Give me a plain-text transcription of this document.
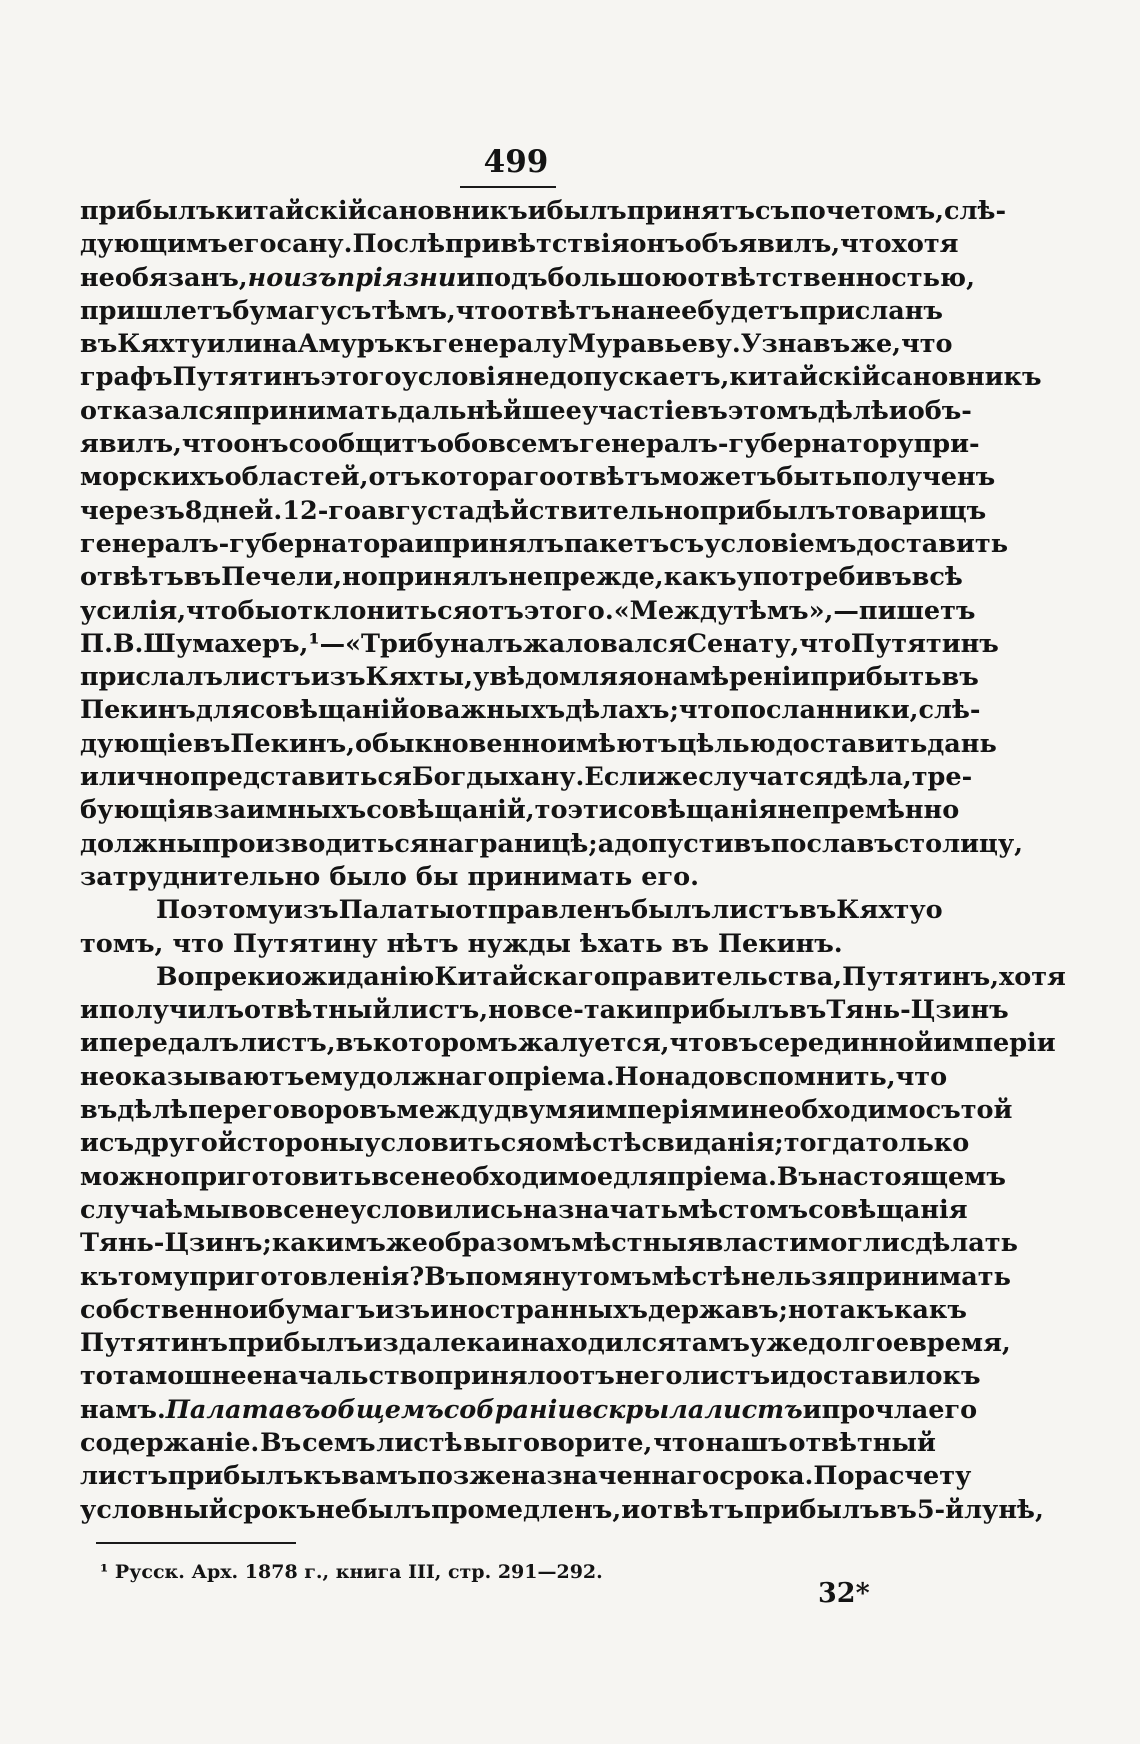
499
прибылъ китайскій сановникъ и былъ принятъ съ почетомъ, слѣ-
дующимъ его сану. Послѣ привѣтствія онъ объявилъ, что хотя
не обязанъ, но изъ пріязни и подъ большою отвѣтственностью,
пришлетъ бумагу съ тѣмъ, что отвѣтъ на нее будетъ присланъ
въ Кяхту или на Амуръ къ генералу Муравьеву. Узнавъ же, что
графъ Путятинъ этого условія не допускаетъ, китайскій сановникъ
отказался принимать дальнѣйшее участіе въ этомъ дѣлѣ и объ-
явилъ, что онъ сообщитъ обо всемъ генералъ-губернатору при-
морскихъ областей, отъ котораго отвѣтъ можетъ быть полученъ
черезъ 8 дней. 12-го августа дѣйствительно прибылъ товарищъ
генералъ-губернатора и принялъ пакетъ съ условіемъ доставить
отвѣтъ въ Печели, но принялъ не прежде, какъ употребивъ всѣ
усилія, чтобы отклониться отъ этого. «Между тѣмъ»,—пишетъ
П. В. Шумахеръ, ¹—«Трибуналъ жаловался Сенату, что Путятинъ
прислалъ листъ изъ Кяхты, увѣдомляя о намѣреніи прибыть въ
Пекинъ для совѣщаній о важныхъ дѣлахъ; что посланники, слѣ-
дующіе въ Пекинъ, обыкновенно имѣютъ цѣлью доставить дань
и лично представиться Богдыхану. Если же случатся дѣла, тре-
бующія взаимныхъ совѣщаній, то эти совѣщанія непремѣнно
должны производиться на границѣ; а допустивъ посла въ столицу,
затруднительно было бы принимать его.
Поэтому изъ Палаты отправленъ былъ листъ въ Кяхту о
томъ, что Путятину нѣтъ нужды ѣхать въ Пекинъ.
Вопреки ожиданію Китайскаго правительства, Путятинъ, хотя
и получилъ отвѣтный листъ, но все-таки прибылъ въ Тянь-Цзинъ
и передалъ листъ, въ которомъ жалуется, что въ серединной имперіи
не оказываютъ ему должнаго пріема. Но надо вспомнить, что
въ дѣлѣ переговоровъ между двумя имперіями необходимо съ той
и съ другой стороны условиться о мѣстѣ свиданія; тогда только
можно приготовить все необходимое для пріема. Въ настоящемъ
случаѣ мы вовсе не условились назначать мѣстомъ совѣщанія
Тянь-Цзинъ; какимъ же образомъ мѣстныя власти могли сдѣлать
къ тому приготовленія? Въ помянутомъ мѣстѣ нельзя принимать
собственно и бумагъ изъ иностранныхъ державъ; но такъ какъ
Путятинъ прибылъ издалека и находился тамъ уже долгое время,
то тамошнее начальство приняло отъ него листъ и доставило къ
намъ. Палата въ общемъ собраніи вскрыла листъ и прочла его
содержаніе. Въ семъ листѣ вы говорите, что нашъ отвѣтный
листъ прибылъ къ вамъ позже назначеннаго срока. По расчету
условный срокъ не былъ промедленъ, и отвѣтъ прибылъ въ 5-й лунѣ,
¹ Русск. Арх. 1878 г., книга III, стр. 291—292.
32*
